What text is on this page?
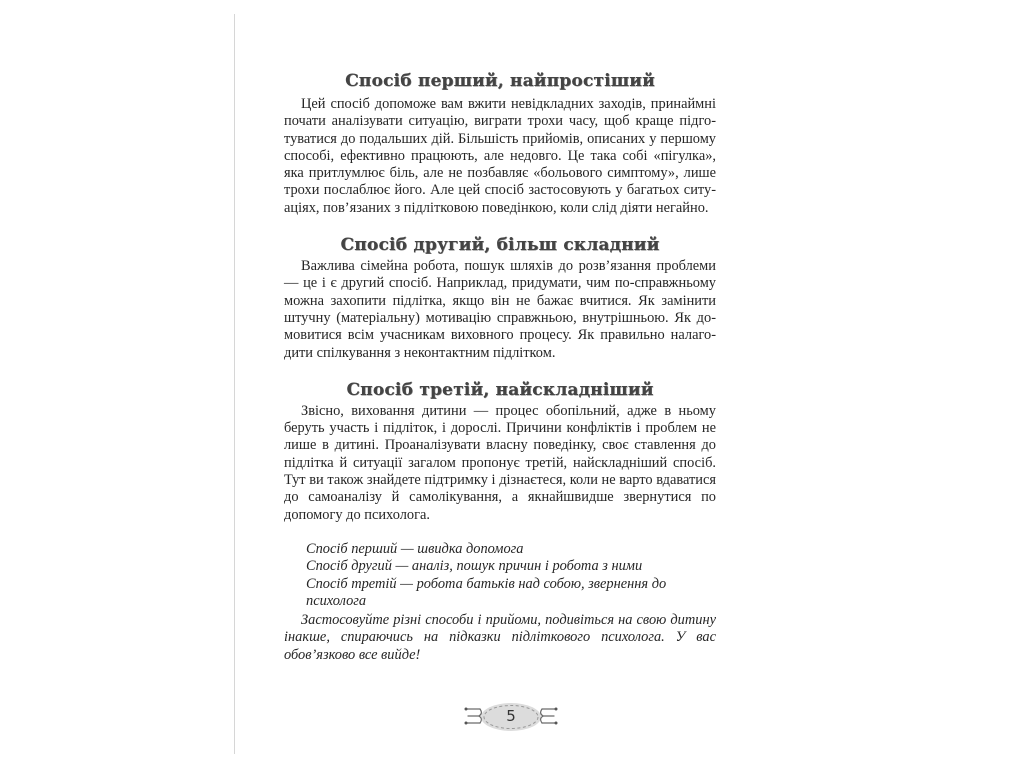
Спосіб перший, найпростіший

Цей спосіб допоможе вам вжити невідкладних заходів, принаймні почати аналізувати ситуацію, виграти трохи часу, щоб краще підготуватися до подальших дій. Більшість прийомів, описаних у першому способі, ефективно працюють, але недовго. Це така собі «пігулка», яка притлумлює біль, але не позбавляє «больового симптому», лише трохи послаблює його. Але цей спосіб застосовують у багатьох ситуаціях, пов’язаних з підлітковою поведінкою, коли слід діяти негайно.

Спосіб другий, більш складний

Важлива сімейна робота, пошук шляхів до розв’язання проблеми — це і є другий спосіб. Наприклад, придумати, чим по-справжньому можна захопити підлітка, якщо він не бажає вчитися. Як замінити штучну (матеріальну) мотивацію справжньою, внутрішньою. Як домовитися всім учасникам виховного процесу. Як правильно налагодити спілкування з неконтактним підлітком.

Спосіб третій, найскладніший

Звісно, виховання дитини — процес обопільний, адже в ньому беруть участь і підліток, і дорослі. Причини конфліктів і проблем не лише в дитині. Проаналізувати власну поведінку, своє ставлення до підлітка й ситуації загалом пропонує третій, найскладніший спосіб. Тут ви також знайдете підтримку і дізнаєтеся, коли не варто вдаватися до самоаналізу й самолікування, а якнайшвидше звернутися по допомогу до психолога.

Спосіб перший — швидка допомога
Спосіб другий — аналіз, пошук причин і робота з ними
Спосіб третій — робота батьків над собою, звернення до психолога

Застосовуйте різні способи і прийоми, подивіться на свою дитину інакше, спираючись на підказки підліткового психолога. У вас обов’язково все вийде!

5
